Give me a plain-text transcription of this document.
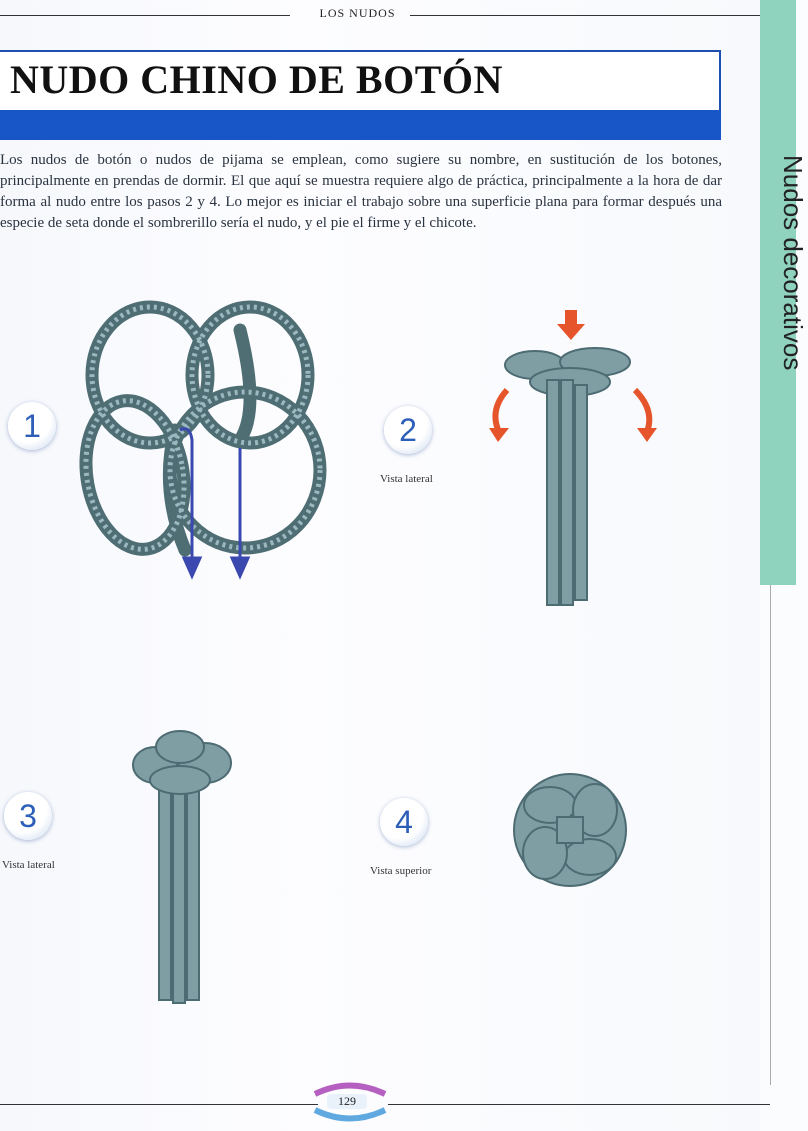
LOS NUDOS
Nudos decorativos
NUDO CHINO DE BOTÓN
Los nudos de botón o nudos de pijama se emplean, como sugiere su nombre, en sustitución de los botones, principalmente en prendas de dormir. El que aquí se muestra requiere algo de práctica, principalmente a la hora de dar forma al nudo entre los pasos 2 y 4. Lo mejor es iniciar el trabajo sobre una superficie plana para formar después una especie de seta donde el sombrerillo sería el nudo, y el pie el firme y el chicote.
1	2
Vista lateral
3
Vista lateral
4
Vista superior
129
